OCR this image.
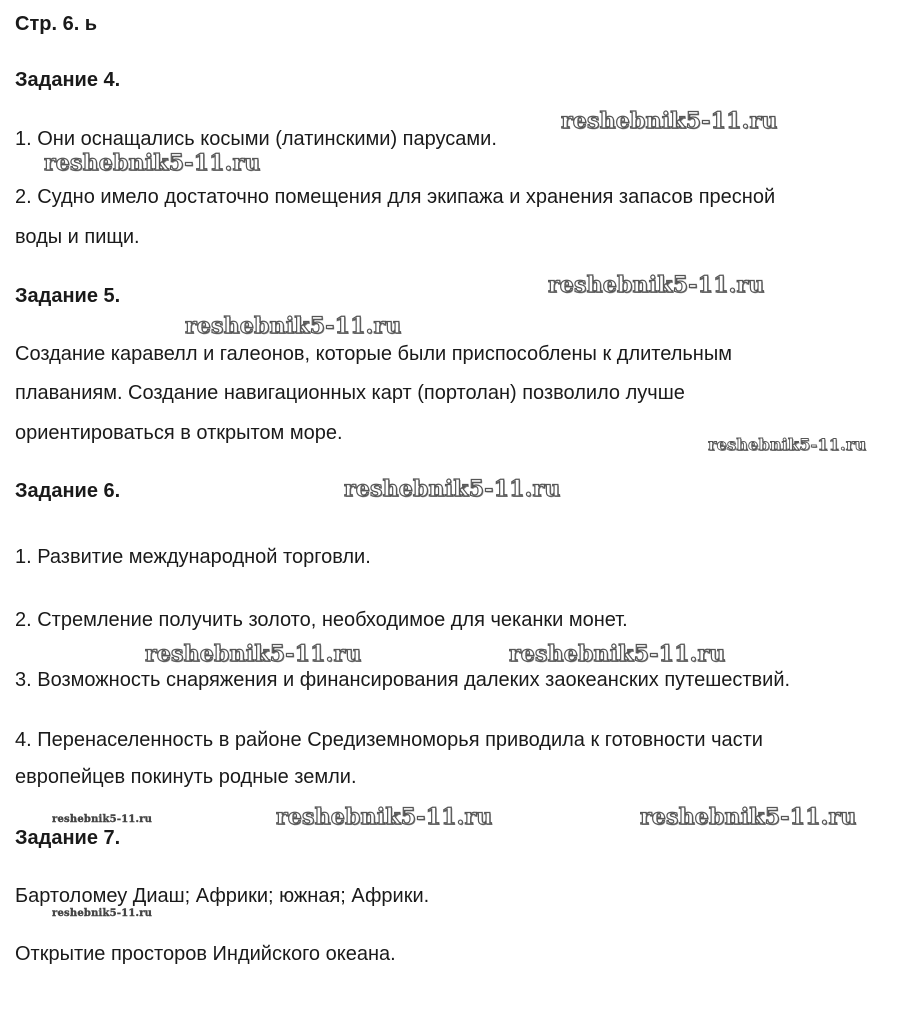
Стр. 6. ь
Задание 4.
1. Они оснащались косыми (латинскими) парусами.
2. Судно имело достаточно помещения для экипажа и хранения запасов пресной
воды и пищи.
Задание 5.
Создание каравелл и галеонов, которые были приспособлены к длительным
плаваниям. Создание навигационных карт (портолан) позволило лучше
ориентироваться в открытом море.
Задание 6.
1. Развитие международной торговли.
2. Стремление получить золото, необходимое для чеканки монет.
3. Возможность снаряжения и финансирования далеких заокеанских путешествий.
4. Перенаселенность в районе Средиземноморья приводила к готовности части
европейцев покинуть родные земли.
Задание 7.
Бартоломеу Диаш; Африки; южная; Африки.
Открытие просторов Индийского океана.
reshebnik5-11.ru
reshebnik5-11.ru
reshebnik5-11.ru
reshebnik5-11.ru
reshebnik5-11.ru
reshebnik5-11.ru
reshebnik5-11.ru	reshebnik5-11.ru
reshebnik5-11.ru	reshebnik5-11.ru	reshebnik5-11.ru
reshebnik5-11.ru
